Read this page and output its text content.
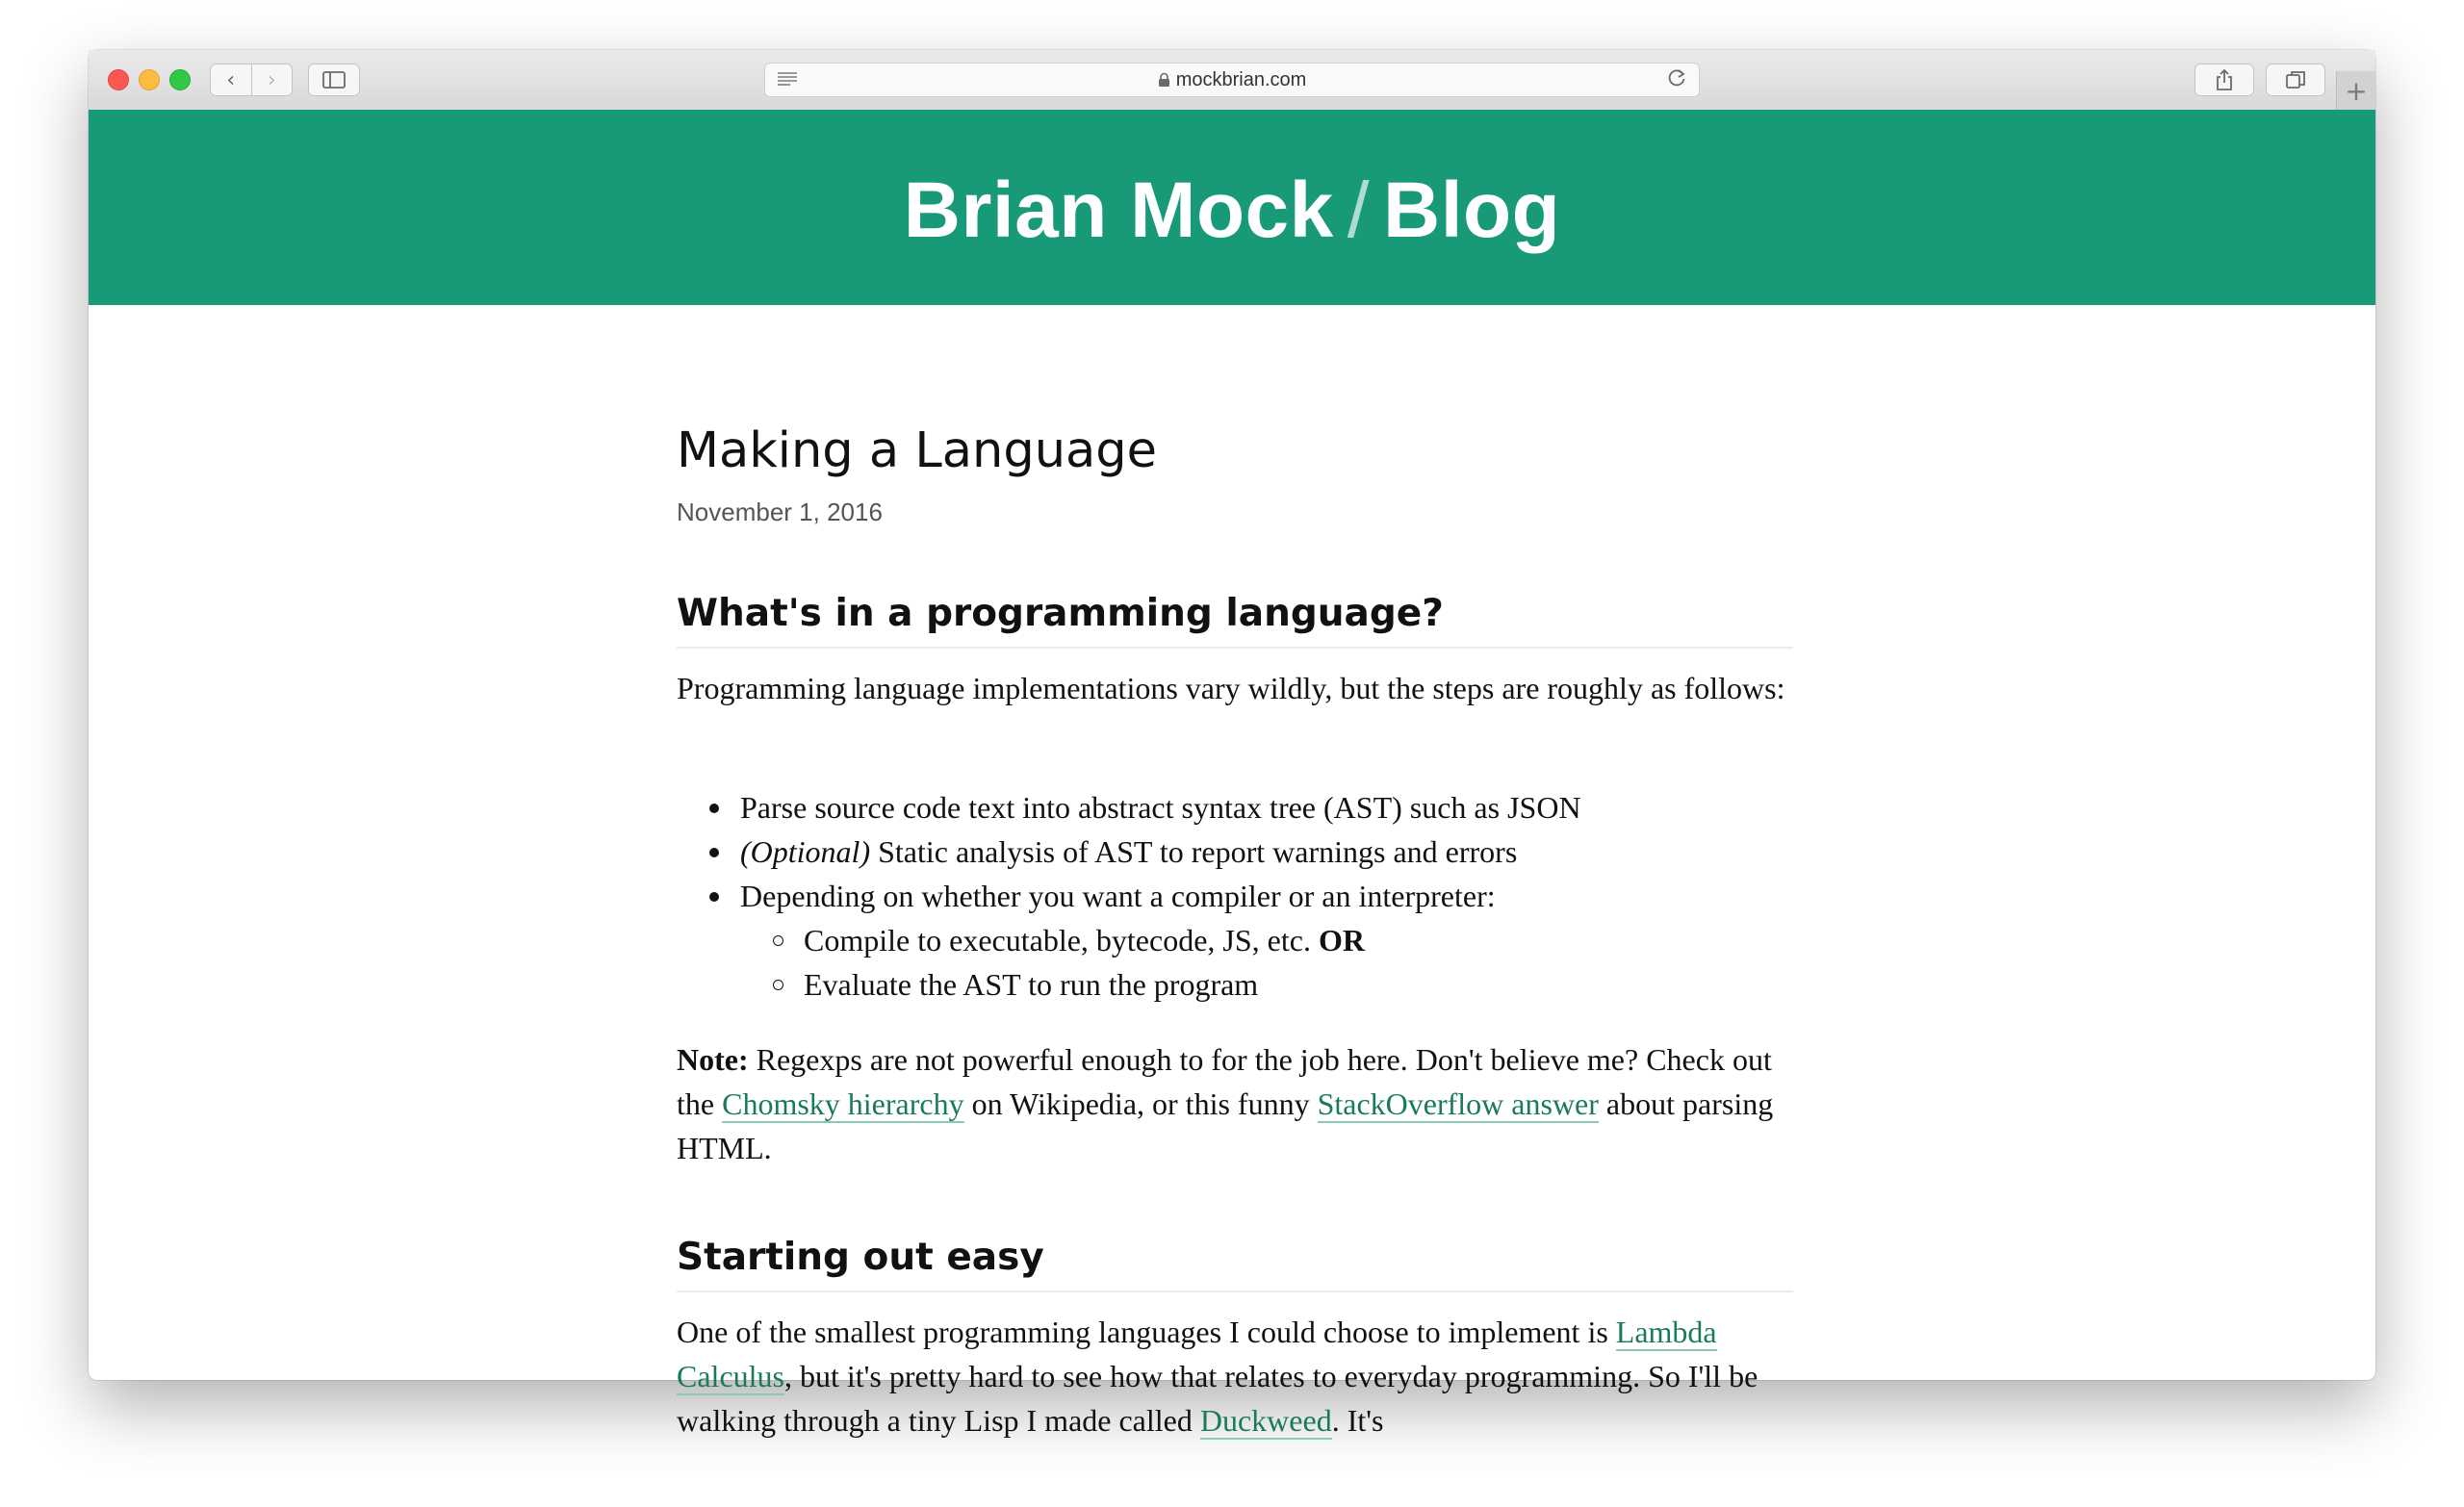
‹ ›	mockbrian.com	+
Brian Mock / Blog
Making a Language
November 1, 2016
What's in a programming language?

Programming language implementations vary wildly, but the steps are roughly as follows:

Parse source code text into abstract syntax tree (AST) such as JSON
(Optional) Static analysis of AST to report warnings and errors
Depending on whether you want a compiler or an interpreter:
Compile to executable, bytecode, JS, etc. OR
Evaluate the AST to run the program

Note: Regexps are not powerful enough to for the job here. Don't believe me? Check out the Chomsky hierarchy on Wikipedia, or this funny StackOverflow answer about parsing HTML.

Starting out easy

One of the smallest programming languages I could choose to implement is Lambda Calculus, but it's pretty hard to see how that relates to everyday programming. So I'll be walking through a tiny Lisp I made called Duckweed. It's
